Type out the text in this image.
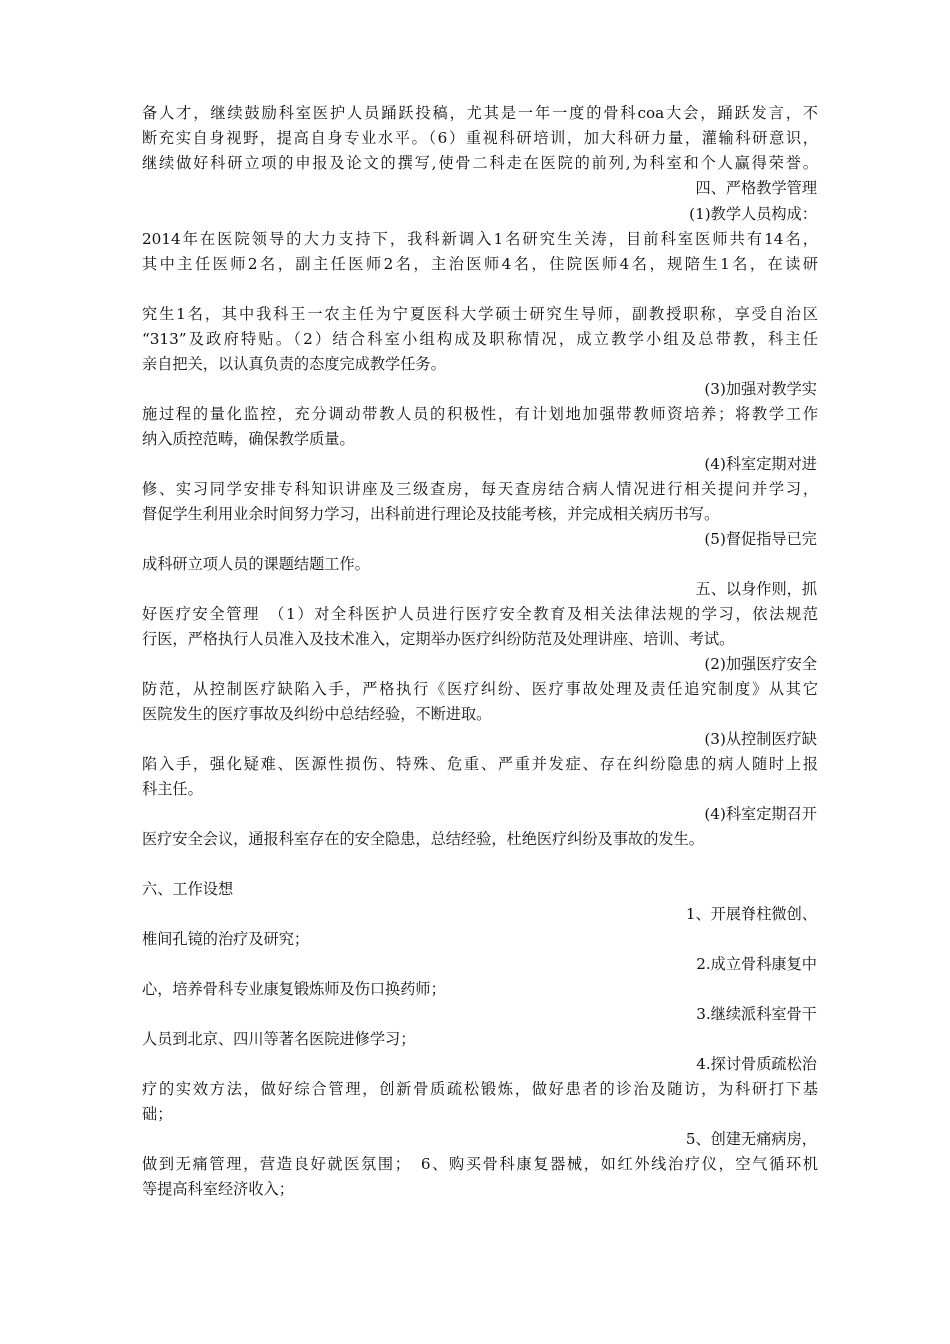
备人才，继续鼓励科室医护人员踊跃投稿，尤其是一年一度的骨科coa大会，踊跃发言，不
断充实自身视野，提高自身专业水平。（6）重视科研培训，加大科研力量，灌输科研意识，
继续做好科研立项的申报及论文的撰写,使骨二科走在医院的前列,为科室和个人赢得荣誉。
四、严格教学管理
(1)教学人员构成：
2014年在医院领导的大力支持下，我科新调入1名研究生关涛，目前科室医师共有14名，
其中主任医师2名，副主任医师2名，主治医师4名，住院医师4名，规陪生1名，在读研
究生1名，其中我科王一农主任为宁夏医科大学硕士研究生导师，副教授职称，享受自治区
“313”及政府特贴。（2）结合科室小组构成及职称情况，成立教学小组及总带教，科主任
亲自把关，以认真负责的态度完成教学任务。
(3)加强对教学实
施过程的量化监控，充分调动带教人员的积极性，有计划地加强带教师资培养；将教学工作
纳入质控范畴，确保教学质量。
(4)科室定期对进
修、实习同学安排专科知识讲座及三级查房，每天查房结合病人情况进行相关提问并学习，
督促学生利用业余时间努力学习，出科前进行理论及技能考核，并完成相关病历书写。
(5)督促指导已完
成科研立项人员的课题结题工作。
五、以身作则，抓
好医疗安全管理　（1）对全科医护人员进行医疗安全教育及相关法律法规的学习，依法规范
行医，严格执行人员准入及技术准入，定期举办医疗纠纷防范及处理讲座、培训、考试。
(2)加强医疗安全
防范，从控制医疗缺陷入手，严格执行《医疗纠纷、医疗事故处理及责任追究制度》从其它
医院发生的医疗事故及纠纷中总结经验，不断进取。
(3)从控制医疗缺
陷入手，强化疑难、医源性损伤、特殊、危重、严重并发症、存在纠纷隐患的病人随时上报
科主任。
(4)科室定期召开
医疗安全会议，通报科室存在的安全隐患，总结经验，杜绝医疗纠纷及事故的发生。
六、工作设想
1、开展脊柱微创、
椎间孔镜的治疗及研究；
2.成立骨科康复中
心，培养骨科专业康复锻炼师及伤口换药师；
3.继续派科室骨干
人员到北京、四川等著名医院进修学习；
4.探讨骨质疏松治
疗的实效方法，做好综合管理，创新骨质疏松锻炼，做好患者的诊治及随访，为科研打下基
础；
5、创建无痛病房，
做到无痛管理，营造良好就医氛围；　6、购买骨科康复器械，如红外线治疗仪，空气循环机
等提高科室经济收入；
